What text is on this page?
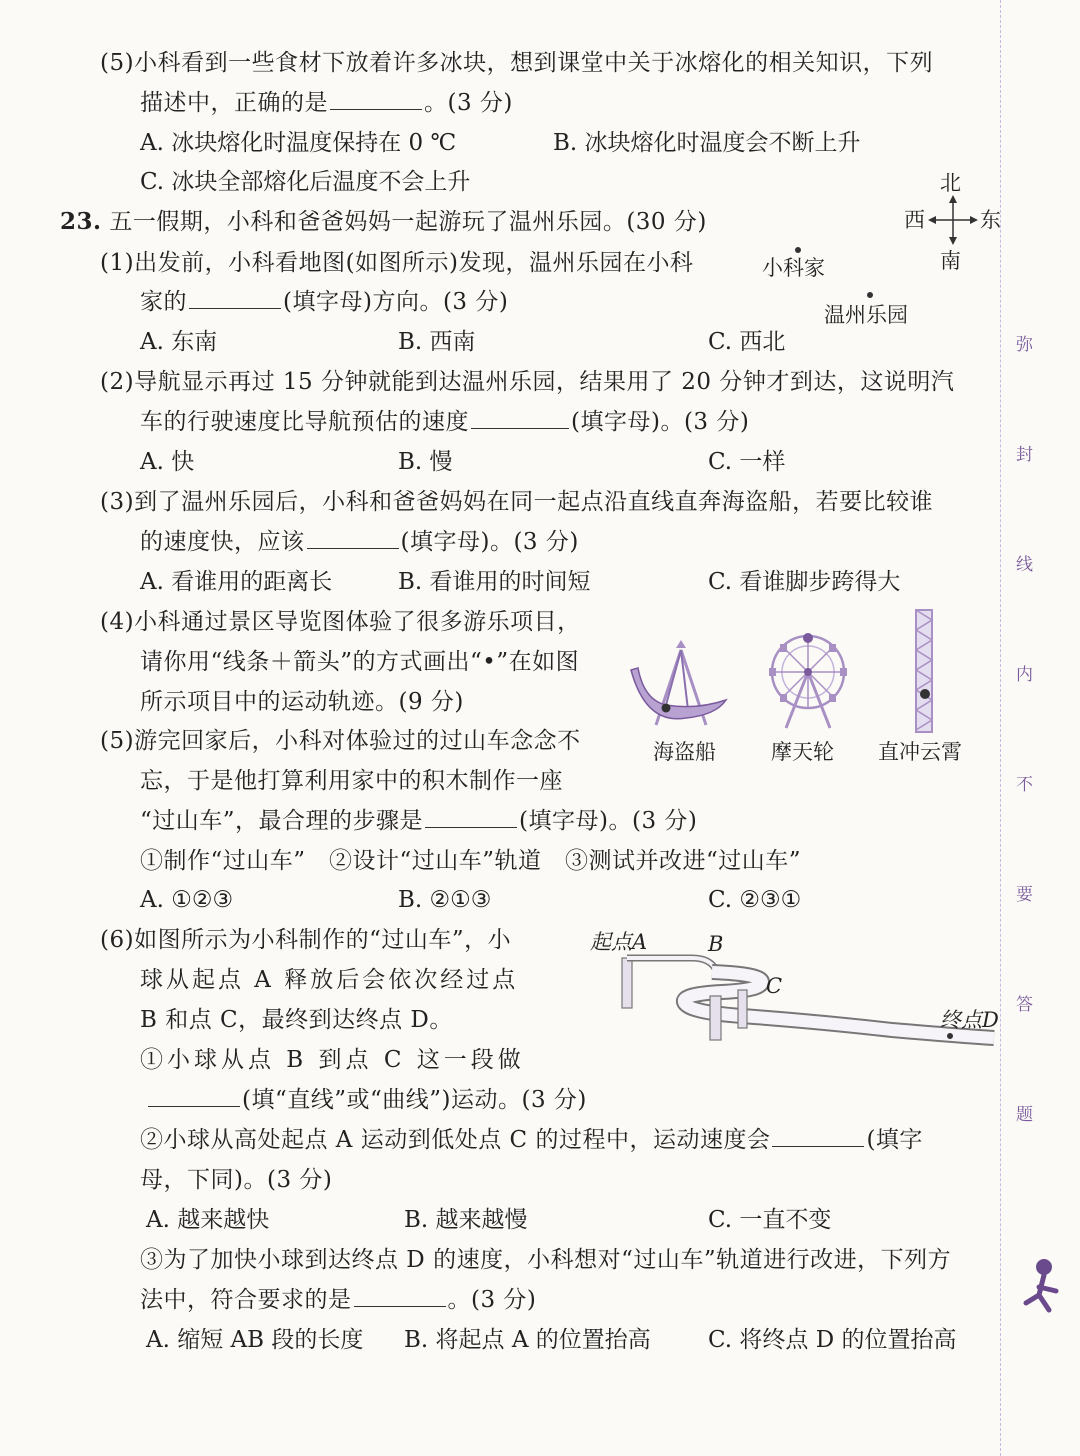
弥
封
线
内
不
要
答
题
(5)小科看到一些食材下放着许多冰块，想到课堂中关于冰熔化的相关知识，下列
描述中，正确的是	。(3 分)
A. 冰块熔化时温度保持在 0 ℃	B. 冰块熔化时温度会不断上升
C. 冰块全部熔化后温度不会上升
23. 五一假期，小科和爸爸妈妈一起游玩了温州乐园。(30 分)
北
南
西	东
小科家
温州乐园
(1)出发前，小科看地图(如图所示)发现，温州乐园在小科
家的	(填字母)方向。(3 分)
A. 东南	B. 西南	C. 西北
(2)导航显示再过 15 分钟就能到达温州乐园，结果用了 20 分钟才到达，这说明汽
车的行驶速度比导航预估的速度	(填字母)。(3 分)
A. 快	B. 慢	C. 一样
(3)到了温州乐园后，小科和爸爸妈妈在同一起点沿直线直奔海盗船，若要比较谁
的速度快，应该	(填字母)。(3 分)
A. 看谁用的距离长	B. 看谁用的时间短	C. 看谁脚步跨得大
(4)小科通过景区导览图体验了很多游乐项目，
请你用“线条＋箭头”的方式画出“•”在如图
所示项目中的运动轨迹。(9 分)
海盗船	摩天轮 直冲云霄
(5)游完回家后，小科对体验过的过山车念念不
忘，于是他打算利用家中的积木制作一座
“过山车”，最合理的步骤是	(填字母)。(3 分)
①制作“过山车”　②设计“过山车”轨道　③测试并改进“过山车”
A. ①②③	B. ②①③	C. ②③①
(6)如图所示为小科制作的“过山车”，小
球从起点 A 释放后会依次经过点
B 和点 C，最终到达终点 D。
起点A	B
C
终点D
①小球从点 B 到点 C 这一段做
(填“直线”或“曲线”)运动。(3 分)
②小球从高处起点 A 运动到低处点 C 的过程中，运动速度会	(填字
母，下同)。(3 分)
A. 越来越快	B. 越来越慢	C. 一直不变
③为了加快小球到达终点 D 的速度，小科想对“过山车”轨道进行改进，下列方
法中，符合要求的是	。(3 分)
A. 缩短 AB 段的长度 B. 将起点 A 的位置抬高 C. 将终点 D 的位置抬高
